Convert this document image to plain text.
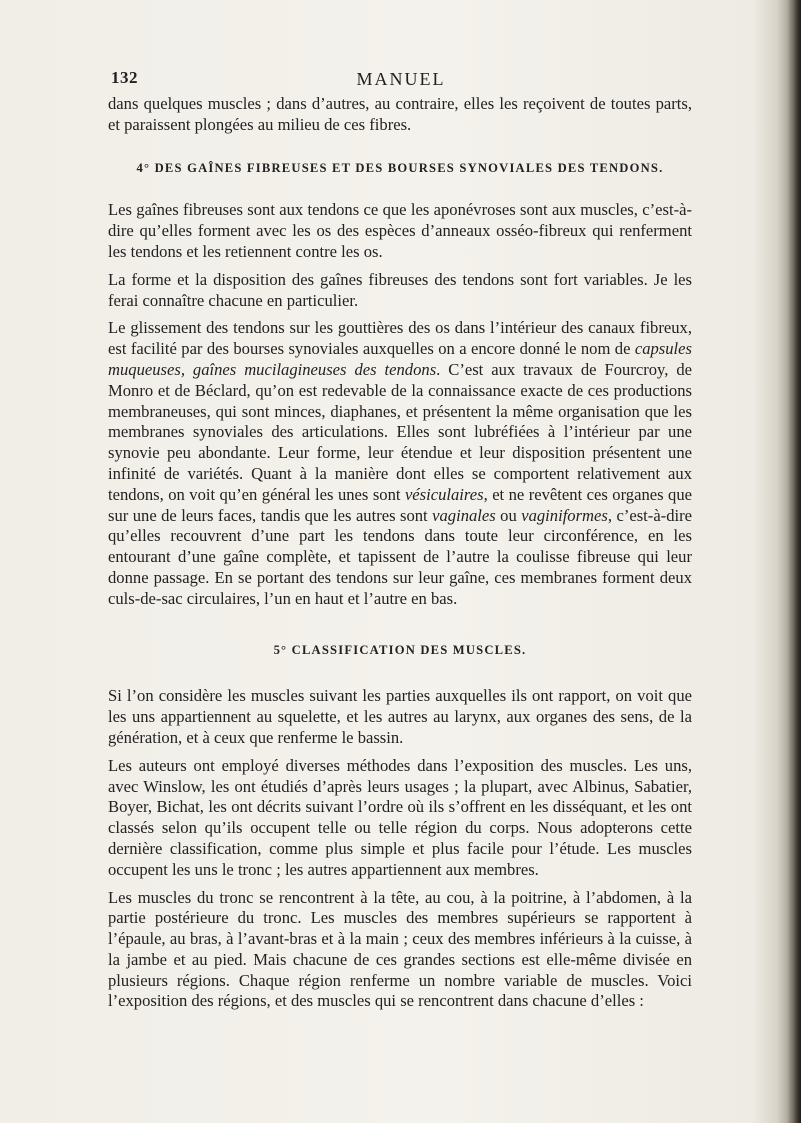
132	MANUEL

dans quelques muscles ; dans d’autres, au contraire, elles les reçoivent de toutes parts, et paraissent plongées au milieu de ces fibres.

4° DES GAÎNES FIBREUSES ET DES BOURSES SYNOVIALES DES TENDONS.

Les gaînes fibreuses sont aux tendons ce que les aponévroses sont aux muscles, c’est-à-dire qu’elles forment avec les os des espèces d’anneaux osséo-fibreux qui renferment les tendons et les retiennent contre les os.

La forme et la disposition des gaînes fibreuses des tendons sont fort variables. Je les ferai connaître chacune en particulier.

Le glissement des tendons sur les gouttières des os dans l’intérieur des canaux fibreux, est facilité par des bourses synoviales auxquelles on a encore donné le nom de capsules muqueuses, gaînes mucilagineuses des tendons. C’est aux travaux de Fourcroy, de Monro et de Béclard, qu’on est redevable de la connaissance exacte de ces productions membraneuses, qui sont minces, diaphanes, et présentent la même organisation que les membranes synoviales des articulations. Elles sont lubréfiées à l’intérieur par une synovie peu abondante. Leur forme, leur étendue et leur disposition présentent une infinité de variétés. Quant à la manière dont elles se comportent relativement aux tendons, on voit qu’en général les unes sont vésiculaires, et ne revêtent ces organes que sur une de leurs faces, tandis que les autres sont vaginales ou vaginiformes, c’est-à-dire qu’elles recouvrent d’une part les tendons dans toute leur circonférence, en les entourant d’une gaîne complète, et tapissent de l’autre la coulisse fibreuse qui leur donne passage. En se portant des tendons sur leur gaîne, ces membranes forment deux culs-de-sac circulaires, l’un en haut et l’autre en bas.

5° CLASSIFICATION DES MUSCLES.

Si l’on considère les muscles suivant les parties auxquelles ils ont rapport, on voit que les uns appartiennent au squelette, et les autres au larynx, aux organes des sens, de la génération, et à ceux que renferme le bassin.

Les auteurs ont employé diverses méthodes dans l’exposition des muscles. Les uns, avec Winslow, les ont étudiés d’après leurs usages ; la plupart, avec Albinus, Sabatier, Boyer, Bichat, les ont décrits suivant l’ordre où ils s’offrent en les disséquant, et les ont classés selon qu’ils occupent telle ou telle région du corps. Nous adopterons cette dernière classification, comme plus simple et plus facile pour l’étude. Les muscles occupent les uns le tronc ; les autres appartiennent aux membres.

Les muscles du tronc se rencontrent à la tête, au cou, à la poitrine, à l’abdomen, à la partie postérieure du tronc. Les muscles des membres supérieurs se rapportent à l’épaule, au bras, à l’avant-bras et à la main ; ceux des membres inférieurs à la cuisse, à la jambe et au pied. Mais chacune de ces grandes sections est elle-même divisée en plusieurs régions. Chaque région renferme un nombre variable de muscles. Voici l’exposition des régions, et des muscles qui se rencontrent dans chacune d’elles :
